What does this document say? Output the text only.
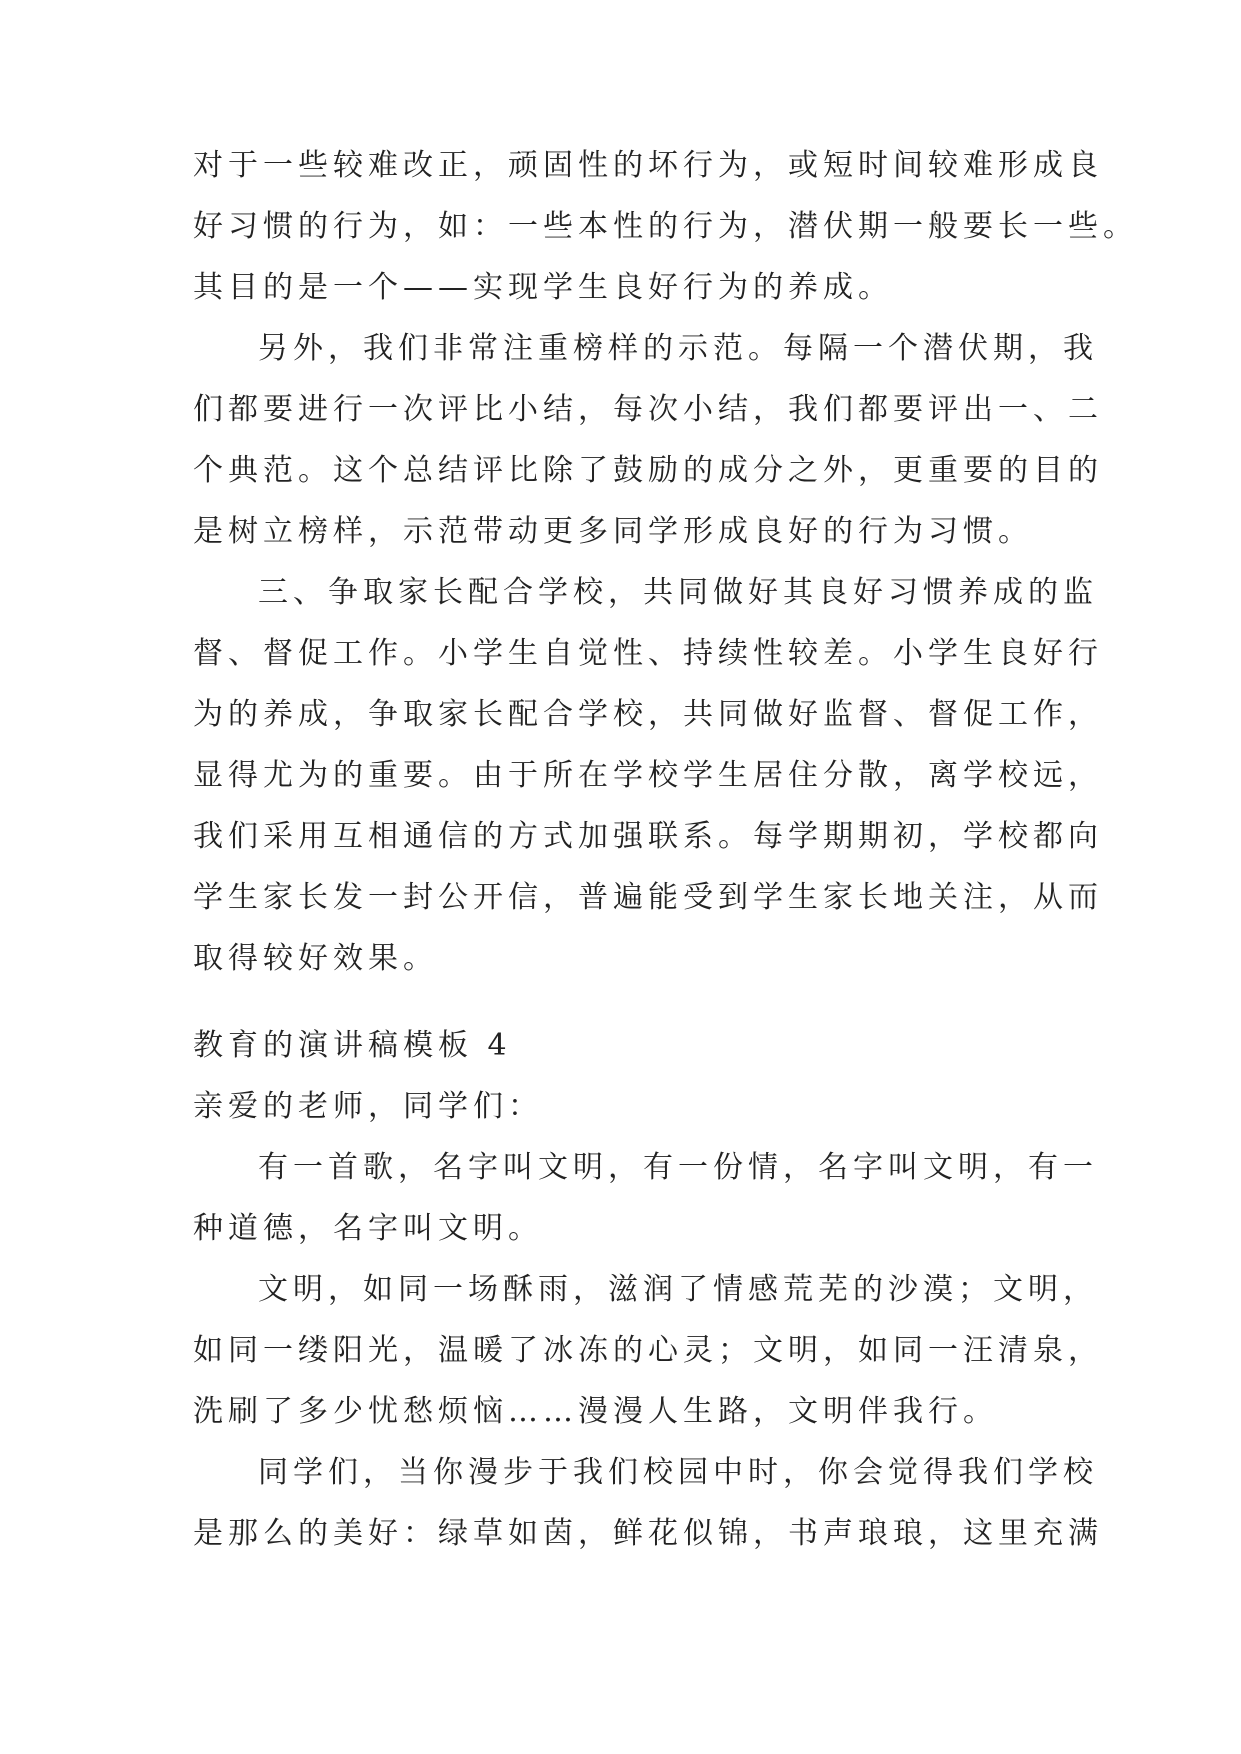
对于一些较难改正，顽固性的坏行为，或短时间较难形成良
好习惯的行为，如：一些本性的行为，潜伏期一般要长一些。
其目的是一个——实现学生良好行为的养成。
另外，我们非常注重榜样的示范。每隔一个潜伏期，我
们都要进行一次评比小结，每次小结，我们都要评出一、二
个典范。这个总结评比除了鼓励的成分之外，更重要的目的
是树立榜样，示范带动更多同学形成良好的行为习惯。
三、争取家长配合学校，共同做好其良好习惯养成的监
督、督促工作。小学生自觉性、持续性较差。小学生良好行
为的养成，争取家长配合学校，共同做好监督、督促工作，
显得尤为的重要。由于所在学校学生居住分散，离学校远，
我们采用互相通信的方式加强联系。每学期期初，学校都向
学生家长发一封公开信，普遍能受到学生家长地关注，从而
取得较好效果。
教育的演讲稿模板 4
亲爱的老师，同学们：
有一首歌，名字叫文明，有一份情，名字叫文明，有一
种道德，名字叫文明。
文明，如同一场酥雨，滋润了情感荒芜的沙漠；文明，
如同一缕阳光，温暖了冰冻的心灵；文明，如同一汪清泉，
洗刷了多少忧愁烦恼……漫漫人生路，文明伴我行。
同学们，当你漫步于我们校园中时，你会觉得我们学校
是那么的美好：绿草如茵，鲜花似锦，书声琅琅，这里充满
